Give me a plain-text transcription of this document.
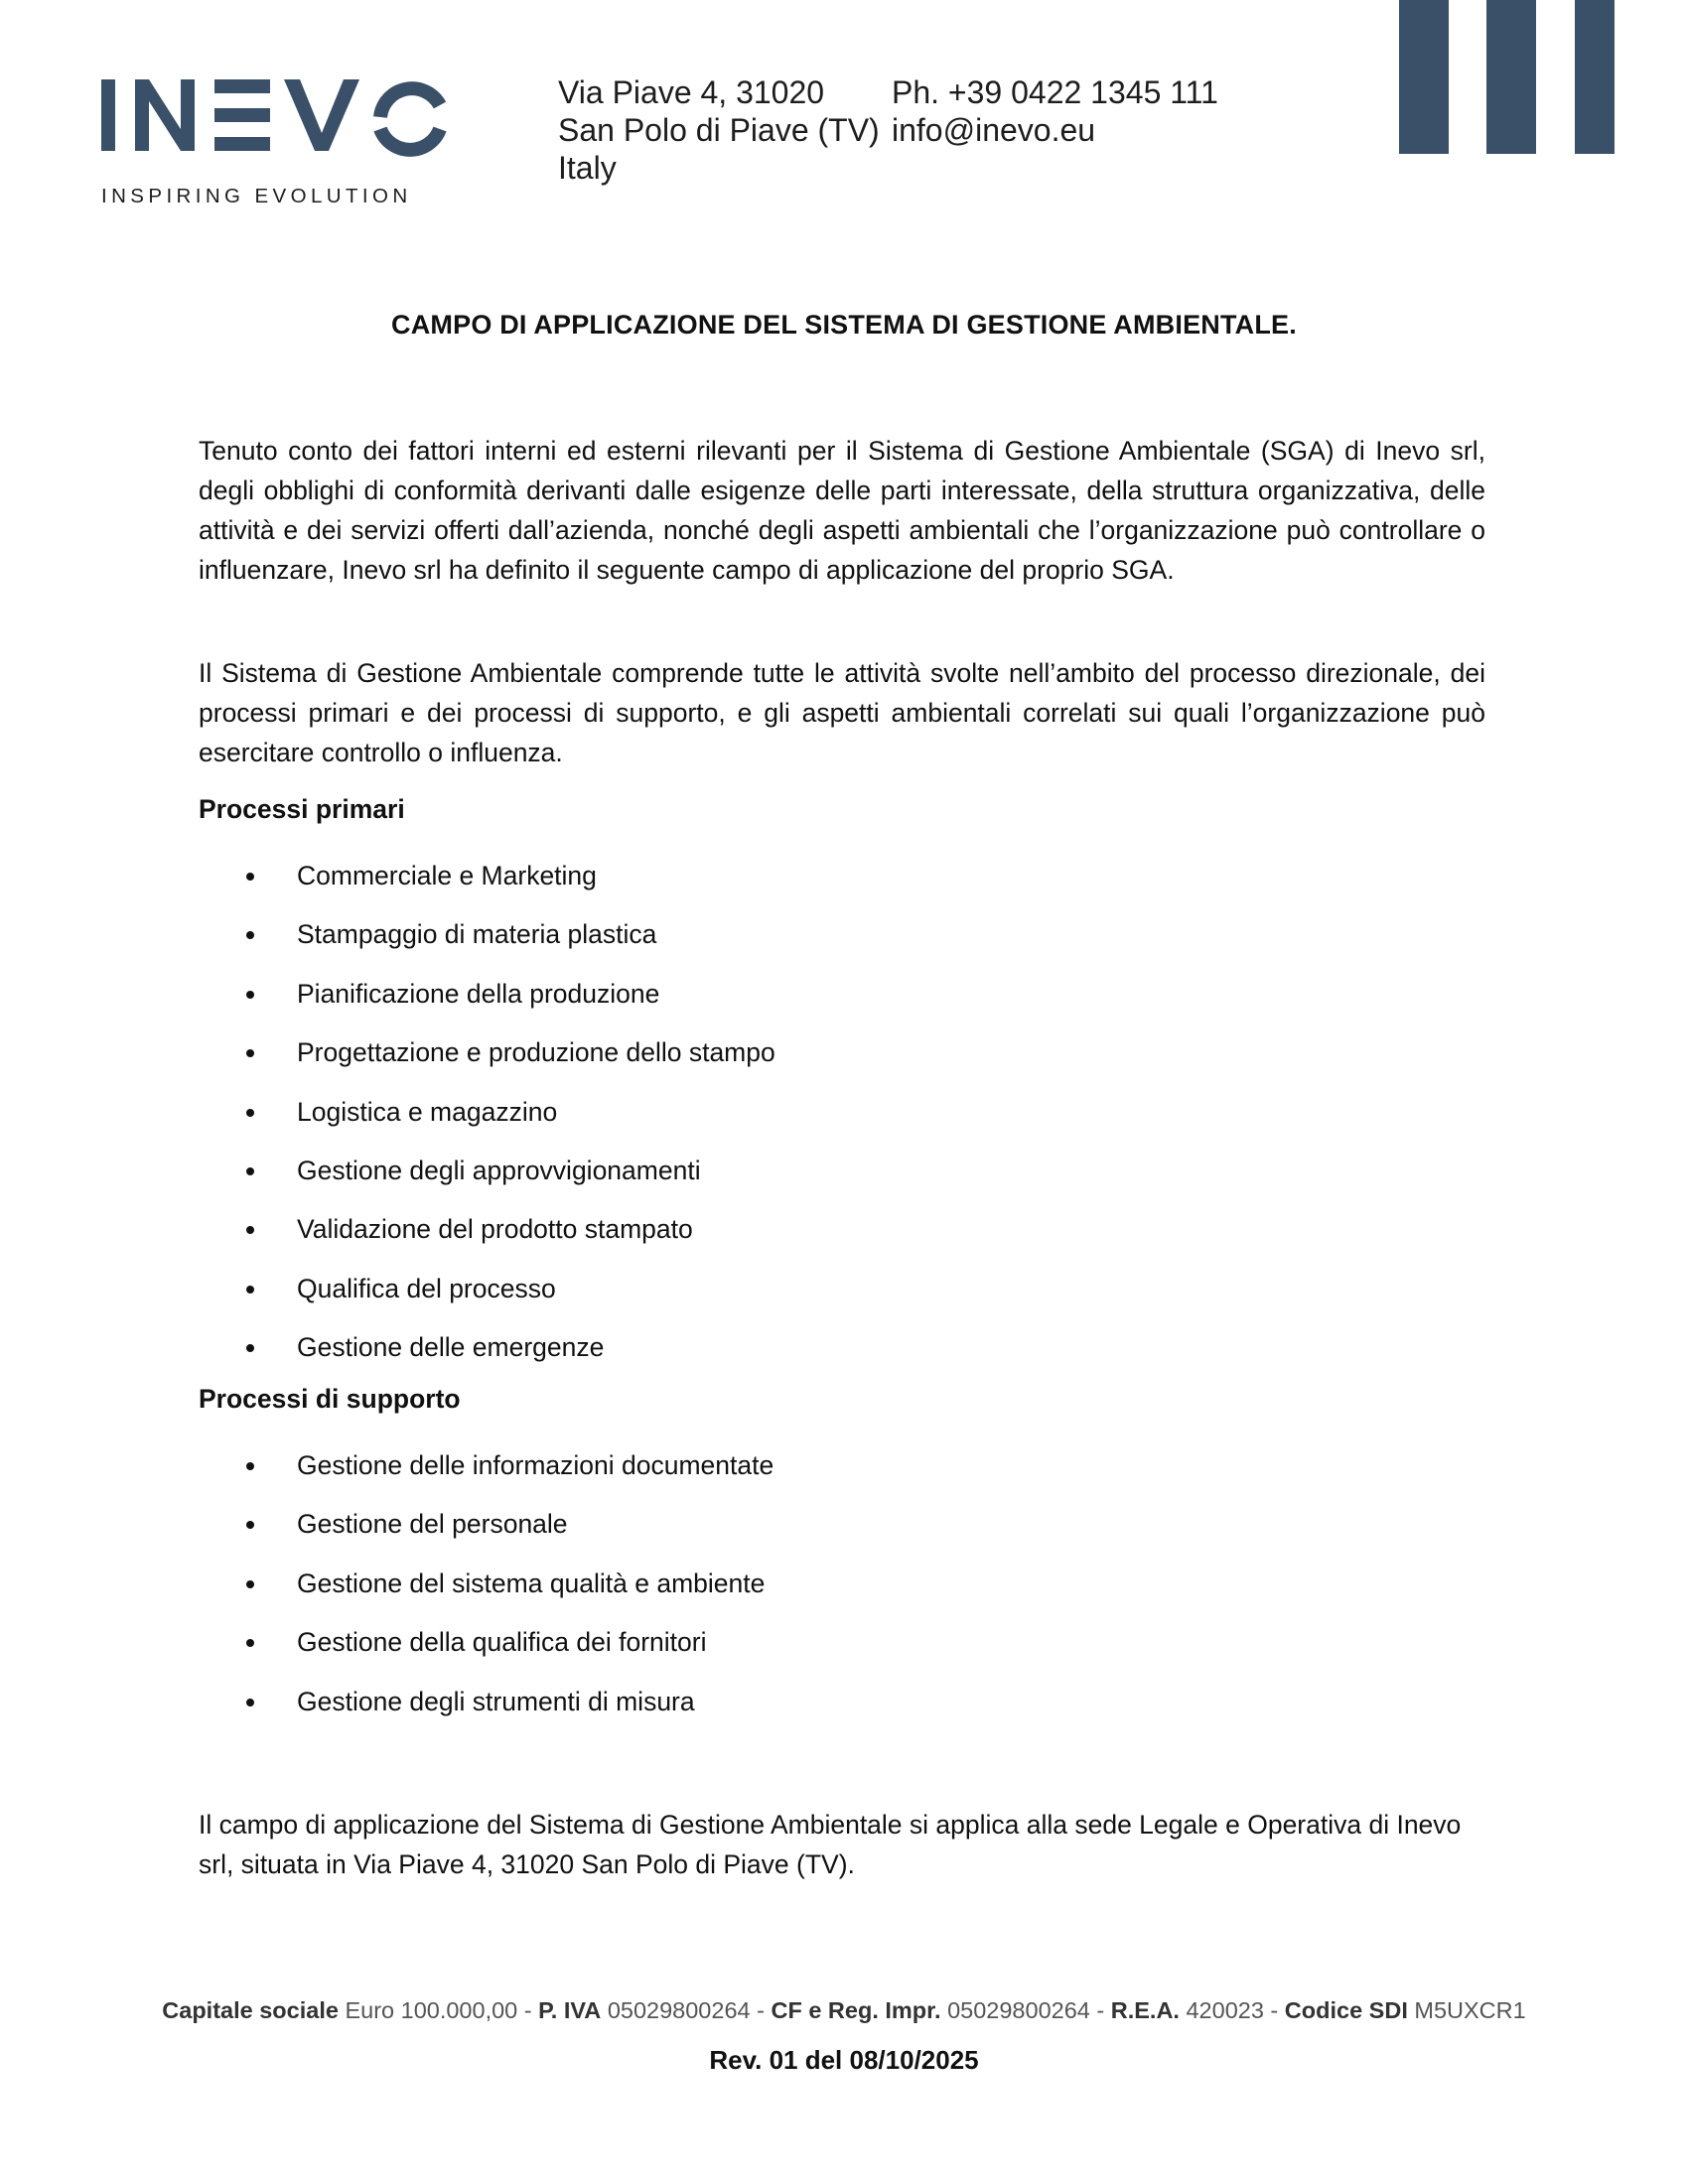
INSPIRING EVOLUTION
Via Piave 4, 31020
San Polo di Piave (TV)
Italy
Ph. +39 0422 1345 111
info@inevo.eu
CAMPO DI APPLICAZIONE DEL SISTEMA DI GESTIONE AMBIENTALE.

Tenuto conto dei fattori interni ed esterni rilevanti per il Sistema di Gestione Ambientale (SGA) di Inevo srl, degli obblighi di conformità derivanti dalle esigenze delle parti interessate, della struttura organizzativa, delle attività e dei servizi offerti dall’azienda, nonché degli aspetti ambientali che l’organizzazione può controllare o influenzare, Inevo srl ha definito il seguente campo di applicazione del proprio SGA.

Il Sistema di Gestione Ambientale comprende tutte le attività svolte nell’ambito del processo direzionale, dei processi primari e dei processi di supporto, e gli aspetti ambientali correlati sui quali l’organizzazione può esercitare controllo o influenza.

Processi primari
Commerciale e Marketing
Stampaggio di materia plastica
Pianificazione della produzione
Progettazione e produzione dello stampo
Logistica e magazzino
Gestione degli approvvigionamenti
Validazione del prodotto stampato
Qualifica del processo
Gestione delle emergenze
Processi di supporto
Gestione delle informazioni documentate
Gestione del personale
Gestione del sistema qualità e ambiente
Gestione della qualifica dei fornitori
Gestione degli strumenti di misura

Il campo di applicazione del Sistema di Gestione Ambientale si applica alla sede Legale e Operativa di Inevo srl, situata in Via Piave 4, 31020 San Polo di Piave (TV).

Capitale sociale Euro 100.000,00 - P. IVA 05029800264 - CF e Reg. Impr. 05029800264 - R.E.A. 420023 - Codice SDI M5UXCR1
Rev. 01 del 08/10/2025
